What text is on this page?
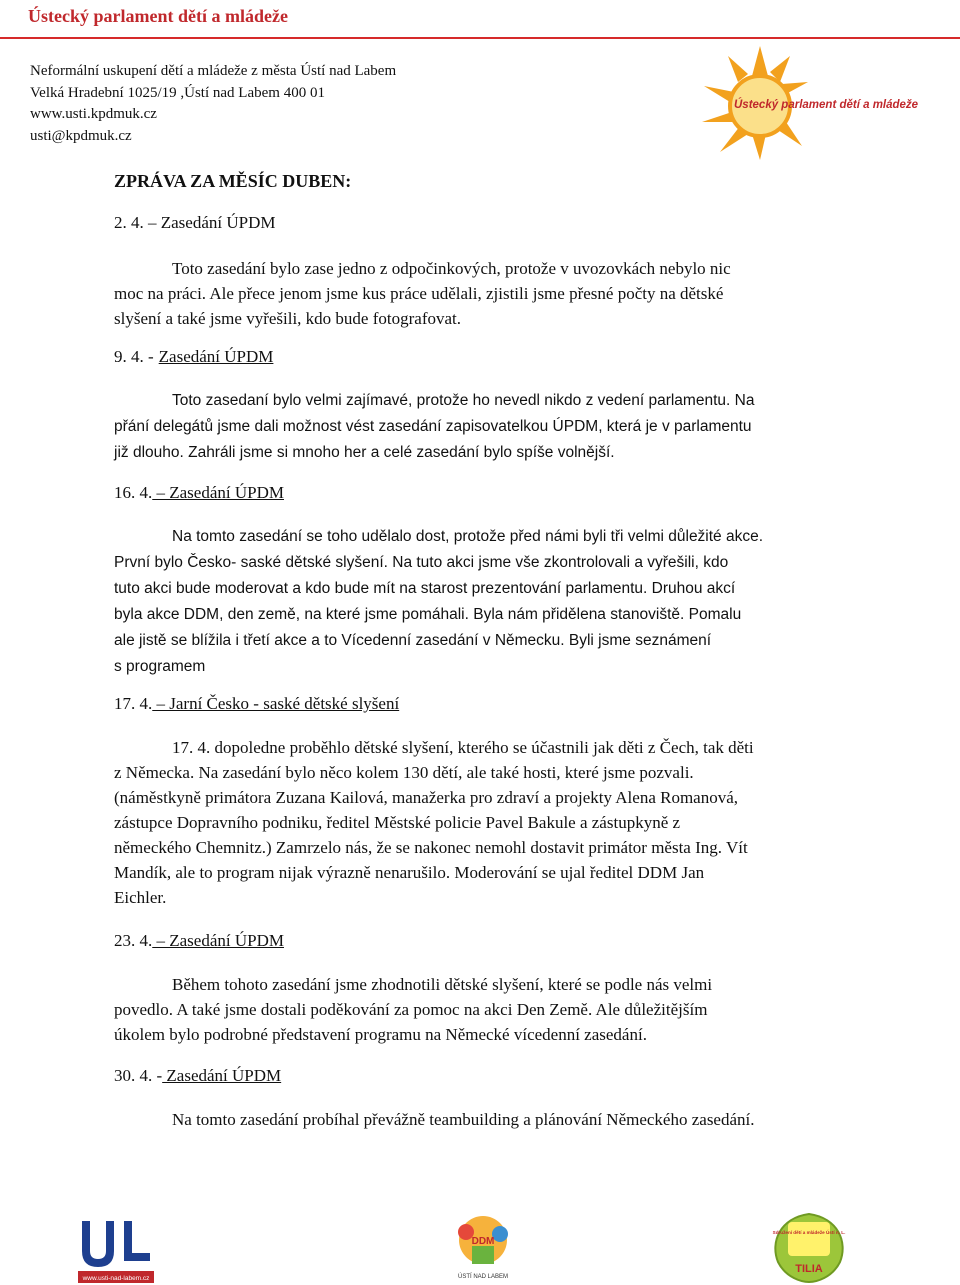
Ústecký parlament dětí a mládeže
Neformální uskupení dětí a mládeže z města Ústí nad Labem
Velká Hradební 1025/19 ,Ústí nad Labem 400 01
www.usti.kpdmuk.cz
usti@kpdmuk.cz
Ústecký parlament dětí a mládeže
ZPRÁVA ZA MĚSÍC DUBEN:
2. 4. – Zasedání ÚPDM

Toto zasedání bylo zase jedno z odpočinkových, protože v uvozovkách nebylo nic

moc na práci. Ale přece jenom jsme kus práce udělali, zjistili jsme přesné počty na dětské

slyšení a také jsme vyřešili, kdo bude fotografovat.

9. 4. - Zasedání ÚPDM

Toto zasedaní bylo velmi zajímavé, protože ho nevedl nikdo z vedení parlamentu. Na

přání delegátů jsme dali možnost vést zasedání zapisovatelkou ÚPDM, která je v parlamentu

již dlouho. Zahráli jsme si mnoho her a celé zasedání bylo spíše volnější.

16. 4. – Zasedání ÚPDM

Na tomto zasedání se toho udělalo dost, protože před námi byli tři velmi důležité akce.

První bylo Česko- saské dětské slyšení. Na tuto akci jsme vše zkontrolovali a vyřešili, kdo

tuto akci bude moderovat a kdo bude mít na starost prezentování parlamentu. Druhou akcí

byla akce DDM, den země, na které jsme pomáhali. Byla nám přidělena stanoviště. Pomalu

ale jistě se blížila i třetí akce a to Vícedenní zasedání v Německu. Byli jsme seznámení

s programem

17. 4. – Jarní Česko - saské dětské slyšení

17. 4. dopoledne proběhlo dětské slyšení, kterého se účastnili jak děti z Čech, tak děti

z Německa. Na zasedání bylo něco kolem 130 dětí, ale také hosti, které jsme pozvali.

(náměstkyně primátora Zuzana Kailová, manažerka pro zdraví a projekty Alena Romanová,

zástupce Dopravního podniku, ředitel Městské policie Pavel Bakule a zástupkyně z

německého Chemnitz.) Zamrzelo nás, že se nakonec nemohl dostavit primátor města Ing. Vít

Mandík, ale to program nijak výrazně nenarušilo. Moderování se ujal ředitel DDM Jan

Eichler.

23. 4. – Zasedání ÚPDM

Během tohoto zasedání jsme zhodnotili dětské slyšení, které se podle nás velmi

povedlo. A také jsme dostali poděkování za pomoc na akci Den Země. Ale důležitějším

úkolem bylo podrobné představení programu na Německé vícedenní zasedání.

30. 4. - Zasedání ÚPDM

Na tomto zasedání probíhal převážně teambuilding a plánování Německého zasedání.

www.usti-nad-labem.cz
DDM
ÚSTÍ NAD LABEM
Sdružení dětí a mládeže Ústí n. L.
TILIA
